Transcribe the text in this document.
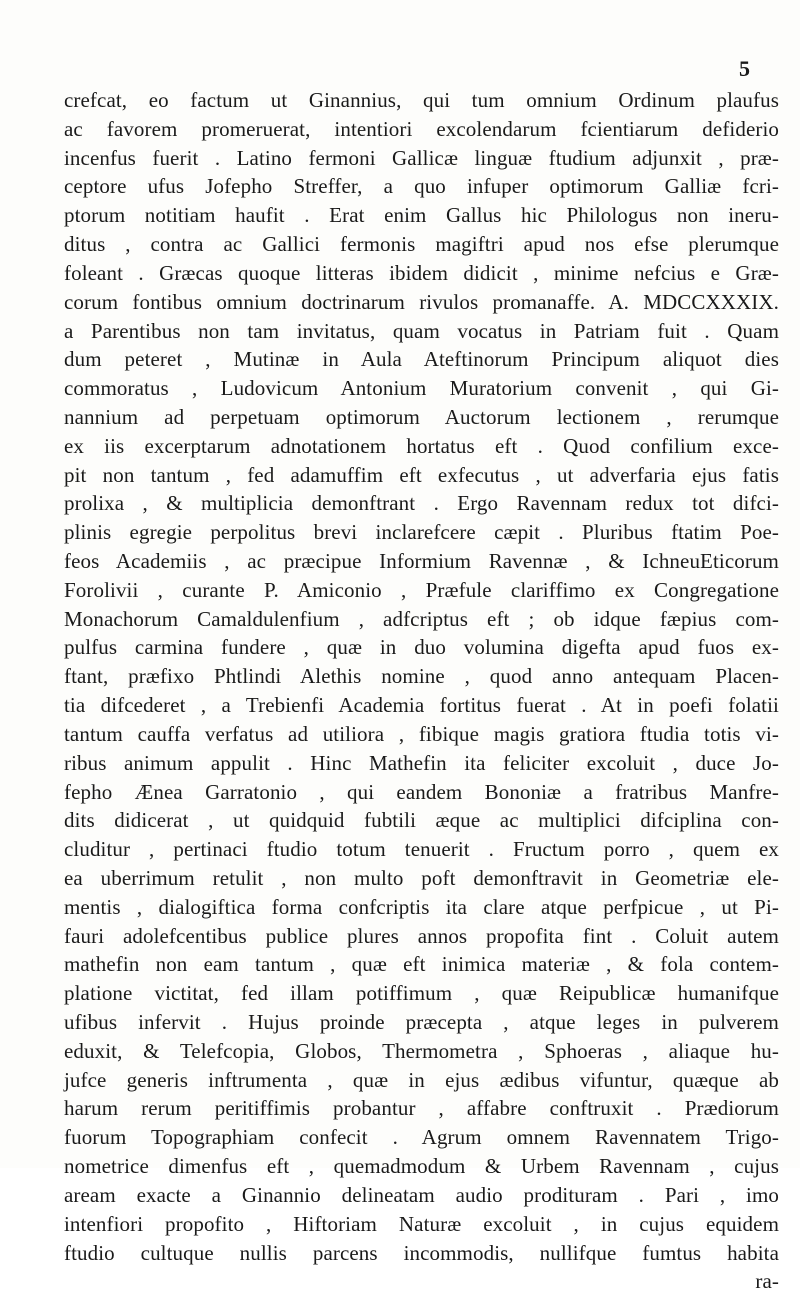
5
crefcat, eo factum ut Ginannius, qui tum omnium Ordinum plaufus
ac favorem promeruerat, intentiori excolendarum fcientiarum defiderio
incenfus fuerit . Latino fermoni Gallicæ linguæ ftudium adjunxit , præ-
ceptore ufus Jofepho Streffer, a quo infuper optimorum Galliæ fcri-
ptorum notitiam haufit . Erat enim Gallus hic Philologus non ineru-
ditus , contra ac Gallici fermonis magiftri apud nos efse plerumque
foleant . Græcas quoque litteras ibidem didicit , minime nefcius e Græ-
corum fontibus omnium doctrinarum rivulos promanaffe. A. MDCCXXXIX.
a Parentibus non tam invitatus, quam vocatus in Patriam fuit . Quam
dum peteret , Mutinæ in Aula Ateftinorum Principum aliquot dies
commoratus , Ludovicum Antonium Muratorium convenit , qui Gi-
nannium ad perpetuam optimorum Auctorum lectionem , rerumque
ex iis excerptarum adnotationem hortatus eft . Quod confilium exce-
pit non tantum , fed adamuffim eft exfecutus , ut adverfaria ejus fatis
prolixa , & multiplicia demonftrant . Ergo Ravennam redux tot difci-
plinis egregie perpolitus brevi inclarefcere cæpit . Pluribus ftatim Poe-
feos Academiis , ac præcipue Informium Ravennæ , & IchneuEticorum
Forolivii , curante P. Amiconio , Præfule clariffimo ex Congregatione
Monachorum Camaldulenfium , adfcriptus eft ; ob idque fæpius com-
pulfus carmina fundere , quæ in duo volumina digefta apud fuos ex-
ftant, præfixo Phtlindi Alethis nomine , quod anno antequam Placen-
tia difcederet , a Trebienfi Academia fortitus fuerat . At in poefi folatii
tantum cauffa verfatus ad utiliora , fibique magis gratiora ftudia totis vi-
ribus animum appulit . Hinc Mathefin ita feliciter excoluit , duce Jo-
fepho Ænea Garratonio , qui eandem Bononiæ a fratribus Manfre-
dits didicerat , ut quidquid fubtili æque ac multiplici difciplina con-
cluditur , pertinaci ftudio totum tenuerit . Fructum porro , quem ex
ea uberrimum retulit , non multo poft demonftravit in Geometriæ ele-
mentis , dialogiftica forma confcriptis ita clare atque perfpicue , ut Pi-
fauri adolefcentibus publice plures annos propofita fint . Coluit autem
mathefin non eam tantum , quæ eft inimica materiæ , & fola contem-
platione victitat, fed illam potiffimum , quæ Reipublicæ humanifque
ufibus infervit . Hujus proinde præcepta , atque leges in pulverem
eduxit, & Telefcopia, Globos, Thermometra , Sphoeras , aliaque hu-
jufce generis inftrumenta , quæ in ejus ædibus vifuntur, quæque ab
harum rerum peritiffimis probantur , affabre conftruxit . Prædiorum
fuorum Topographiam confecit . Agrum omnem Ravennatem Trigo-
nometrice dimenfus eft , quemadmodum & Urbem Ravennam , cujus
aream exacte a Ginannio delineatam audio prodituram . Pari , imo
intenfiori propofito , Hiftoriam Naturæ excoluit , in cujus equidem
ftudio cultuque nullis parcens incommodis, nullifque fumtus habita
ra-
